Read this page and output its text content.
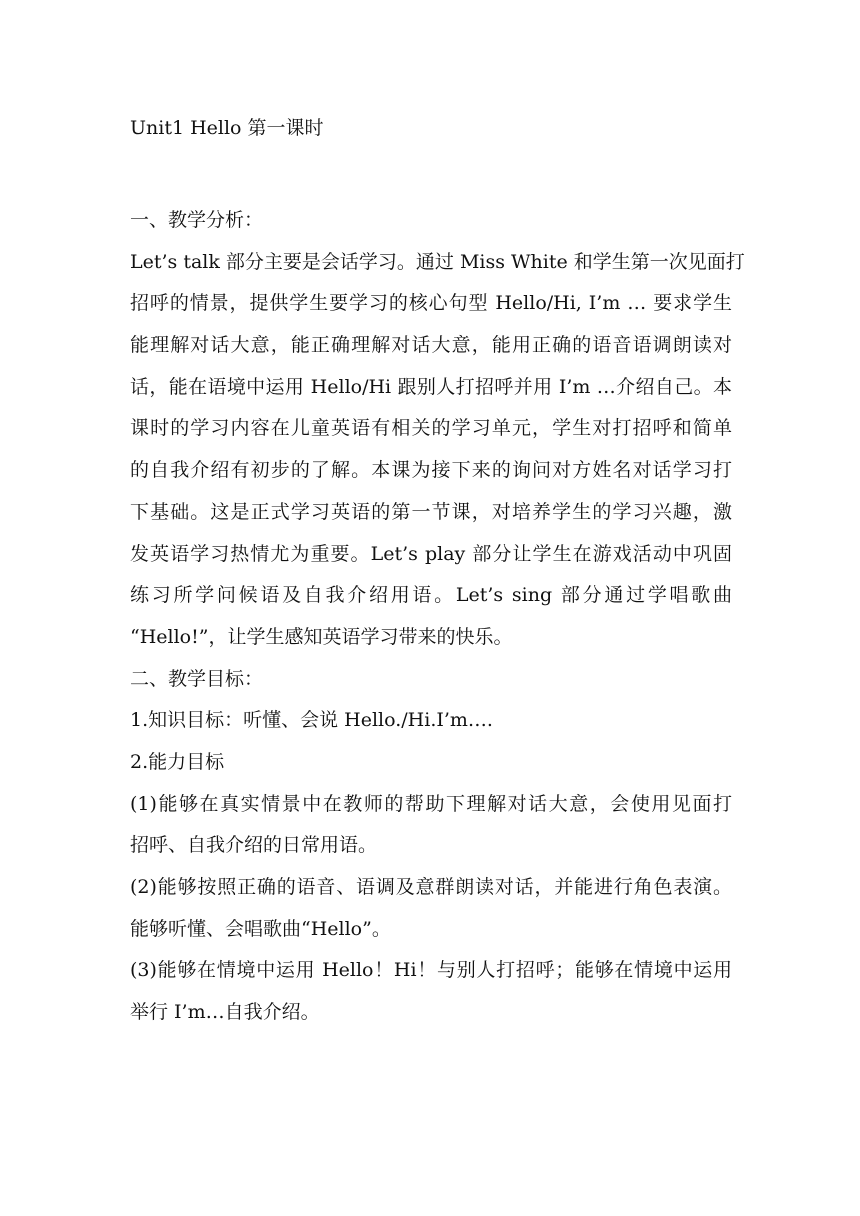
Unit1 Hello 第一课时
一、教学分析：
Let’s talk 部分主要是会话学习。通过 Miss White 和学生第一次见面打
招呼的情景，提供学生要学习的核心句型 Hello/Hi, I’m … 要求学生
能理解对话大意，能正确理解对话大意，能用正确的语音语调朗读对
话，能在语境中运用 Hello/Hi 跟别人打招呼并用 I’m …介绍自己。本
课时的学习内容在儿童英语有相关的学习单元，学生对打招呼和简单
的自我介绍有初步的了解。本课为接下来的询问对方姓名对话学习打
下基础。这是正式学习英语的第一节课，对培养学生的学习兴趣，激
发英语学习热情尤为重要。Let’s play 部分让学生在游戏活动中巩固
练习所学问候语及自我介绍用语。Let’s sing 部分通过学唱歌曲
“Hello!”，让学生感知英语学习带来的快乐。
二、教学目标：
1.知识目标：听懂、会说 Hello./Hi.I’m….
2.能力目标
(1)能够在真实情景中在教师的帮助下理解对话大意，会使用见面打
招呼、自我介绍的日常用语。
(2)能够按照正确的语音、语调及意群朗读对话，并能进行角色表演。
能够听懂、会唱歌曲“Hello”。
(3)能够在情境中运用 Hello！Hi！与别人打招呼；能够在情境中运用
举行 I’m…自我介绍。
